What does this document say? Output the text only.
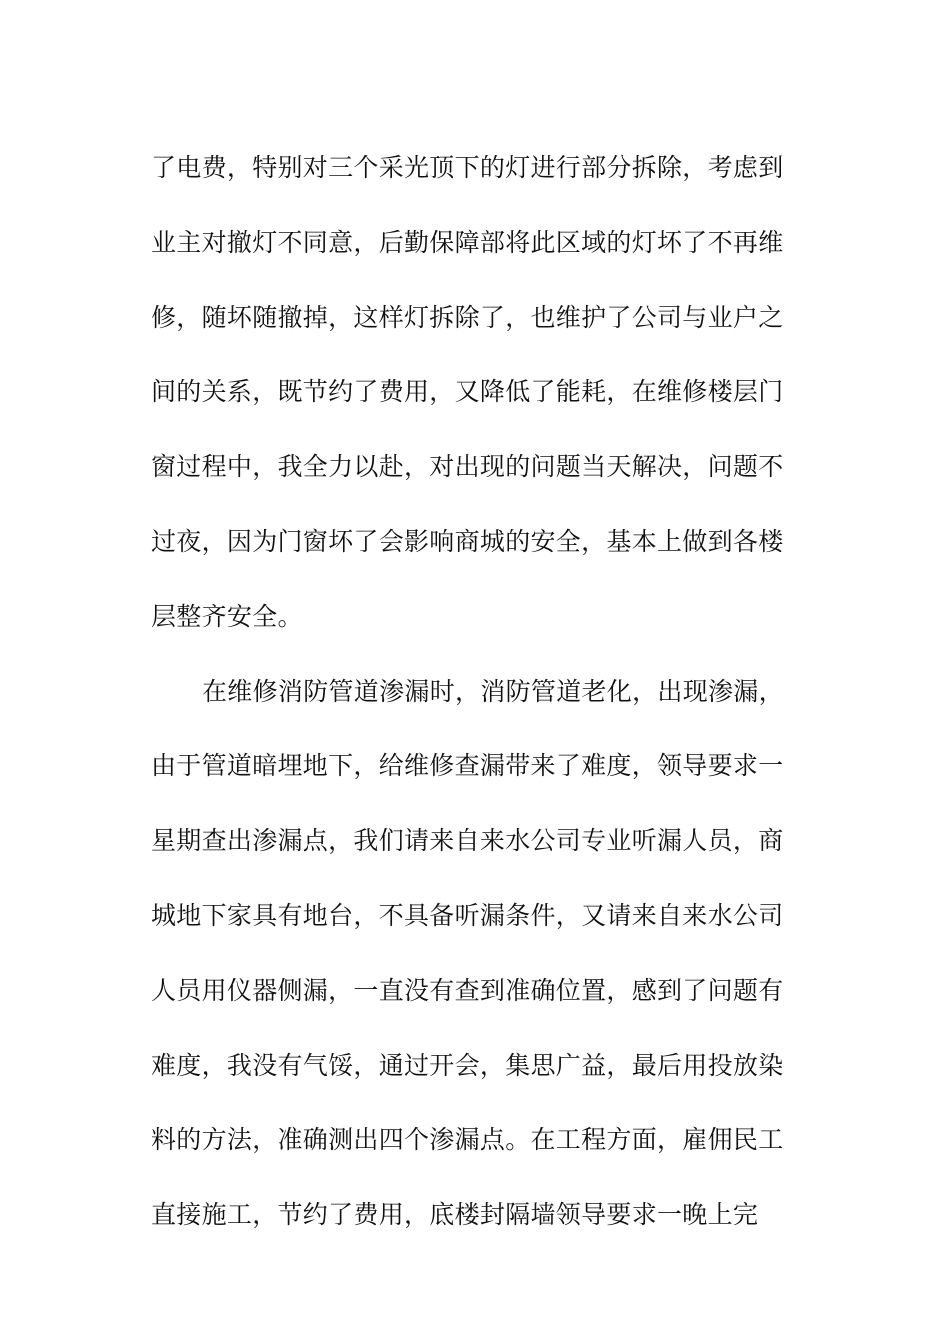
了电费，特别对三个采光顶下的灯进行部分拆除，考虑到
业主对撤灯不同意，后勤保障部将此区域的灯坏了不再维
修，随坏随撤掉，这样灯拆除了，也维护了公司与业户之
间的关系，既节约了费用，又降低了能耗，在维修楼层门
窗过程中，我全力以赴，对出现的问题当天解决，问题不
过夜，因为门窗坏了会影响商城的安全，基本上做到各楼
层整齐安全。
在维修消防管道渗漏时，消防管道老化，出现渗漏，
由于管道暗埋地下，给维修查漏带来了难度，领导要求一
星期查出渗漏点，我们请来自来水公司专业听漏人员，商
城地下家具有地台，不具备听漏条件，又请来自来水公司
人员用仪器侧漏，一直没有查到准确位置，感到了问题有
难度，我没有气馁，通过开会，集思广益，最后用投放染
料的方法，准确测出四个渗漏点。在工程方面，雇佣民工
直接施工，节约了费用，底楼封隔墙领导要求一晚上完
